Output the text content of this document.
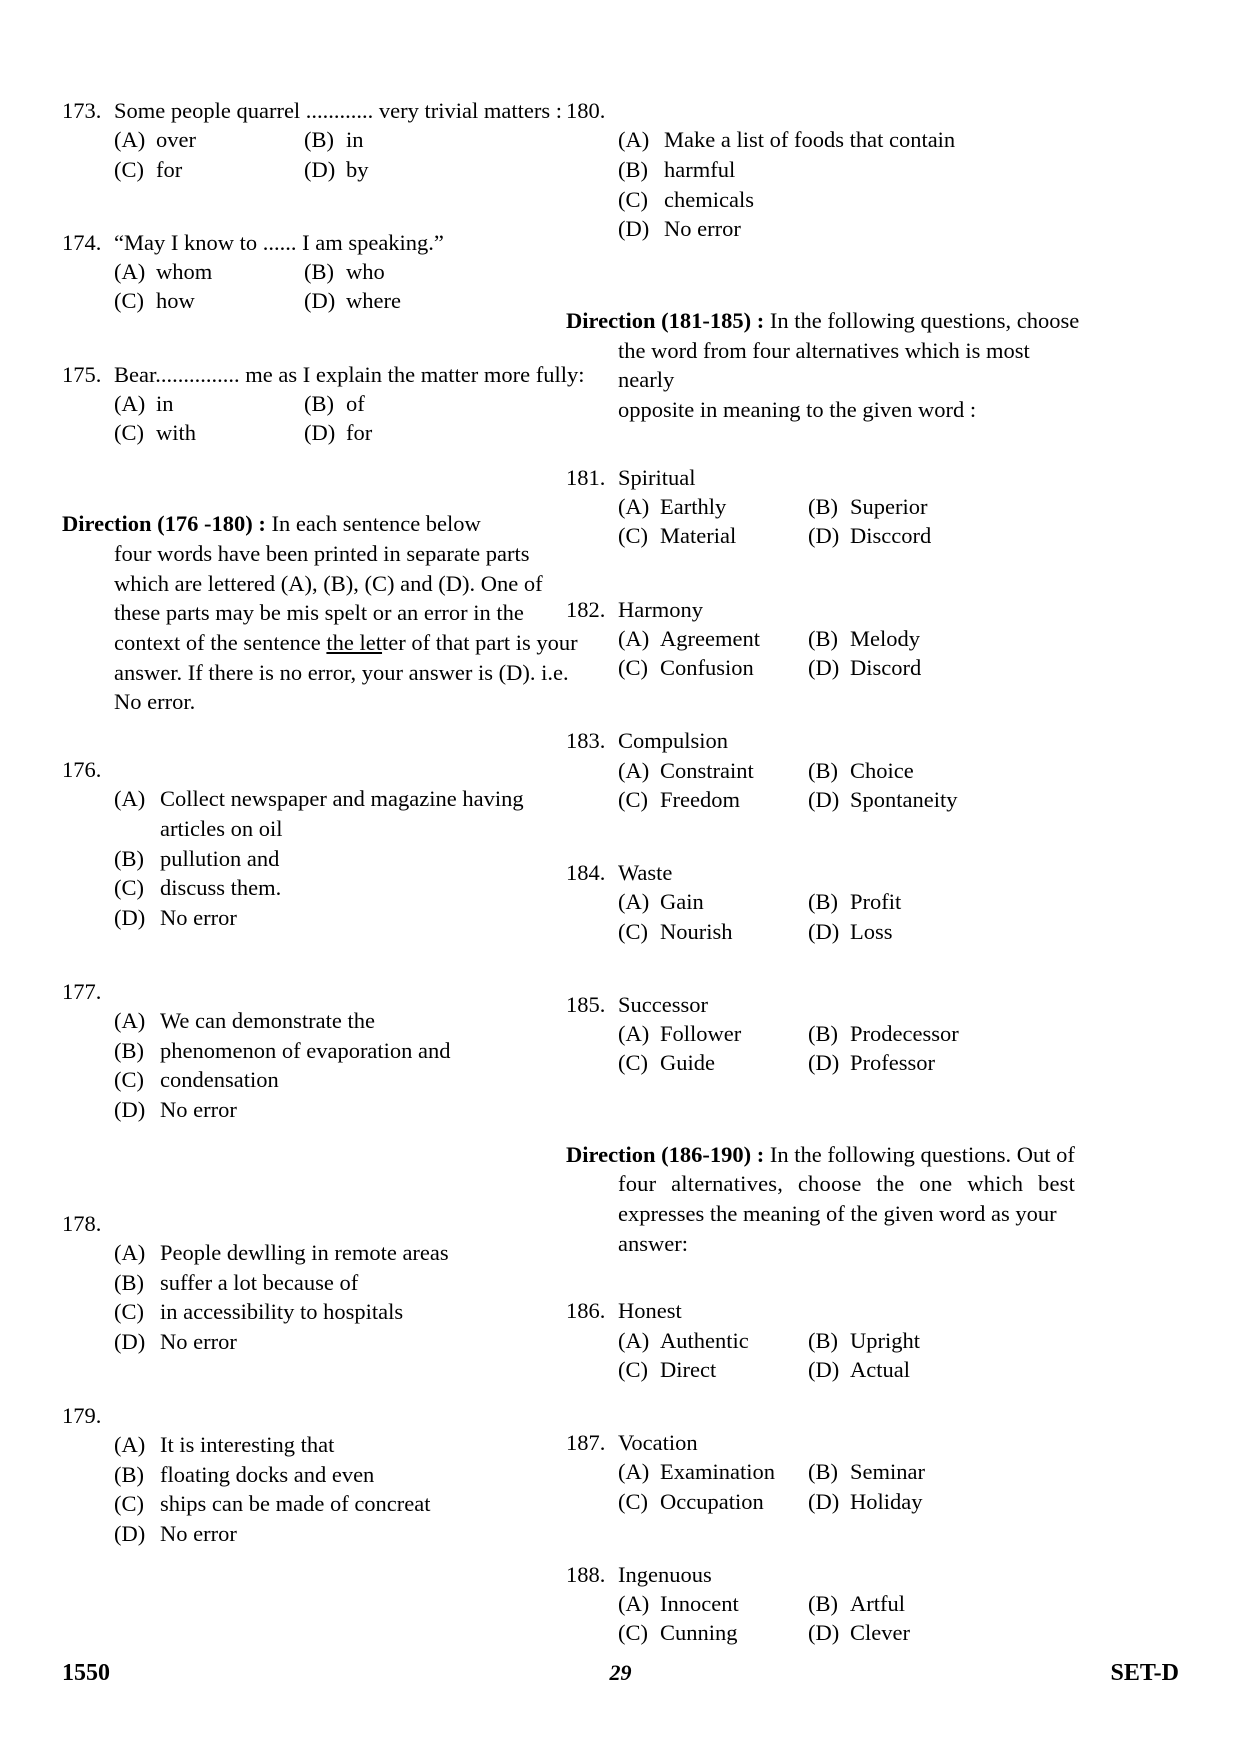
173. Some people quarrel ............ very trivial matters :
(A) over	(B) in
(C) for	(D) by
174. “May I know to ...... I am speaking.”
(A) whom	(B) who
(C) how	(D) where
175. Bear............... me as I explain the matter more fully:
(A) in	(B) of
(C) with	(D) for
Direction (176 -180) : In each sentence below
four words have been printed in separate parts
which are lettered (A), (B), (C) and (D). One of
these parts may be mis spelt or an error in the
context of the sentence the letter of that part is your
answer. If there is no error, your answer is (D). i.e.
No error.
176.
(A) Collect newspaper and magazine having articles on oil
(B) pullution and
(C) discuss them.
(D) No error
177.
(A) We can demonstrate the
(B) phenomenon of evaporation and
(C) condensation
(D) No error
178.
(A) People dewlling in remote areas
(B) suffer a lot because of
(C) in accessibility to hospitals
(D) No error
179.
(A) It is interesting that
(B) floating docks and even
(C) ships can be made of concreat
(D) No error
180.
(A) Make a list of foods that contain
(B) harmful
(C) chemicals
(D) No error
Direction (181-185) : In the following questions, choose
the word from four alternatives which is most nearly
opposite in meaning to the given word :
181. Spiritual
(A) Earthly	(B) Superior
(C) Material	(D) Disccord
182. Harmony
(A) Agreement	(B) Melody
(C) Confusion	(D) Discord
183. Compulsion
(A) Constraint	(B) Choice
(C) Freedom	(D) Spontaneity
184. Waste
(A) Gain	(B) Profit
(C) Nourish	(D) Loss
185. Successor
(A) Follower	(B) Prodecessor
(C) Guide	(D) Professor
Direction (186-190) : In the following questions. Out of
four alternatives, choose the one which best
expresses the meaning of the given word as your
answer:
186. Honest
(A) Authentic	(B) Upright
(C) Direct	(D) Actual
187. Vocation
(A) Examination	(B) Seminar
(C) Occupation	(D) Holiday
188. Ingenuous
(A) Innocent	(B) Artful
(C) Cunning	(D) Clever
1550	29	SET-D
